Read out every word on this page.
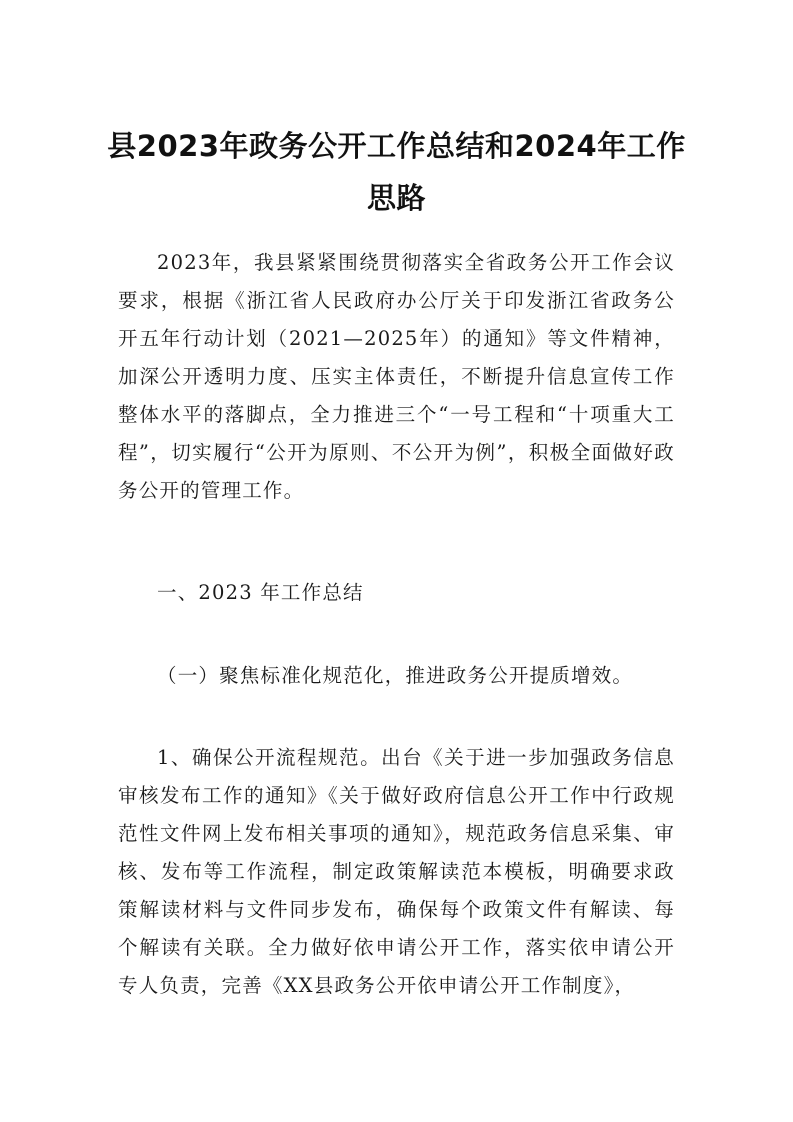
县2023年政务公开工作总结和2024年工作思路

2023年，我县紧紧围绕贯彻落实全省政务公开工作会议要求，根据《浙江省人民政府办公厅关于印发浙江省政务公开五年行动计划（2021—2025年）的通知》等文件精神，加深公开透明力度、压实主体责任，不断提升信息宣传工作整体水平的落脚点，全力推进三个“一号工程和“十项重大工程”，切实履行“公开为原则、不公开为例”，积极全面做好政务公开的管理工作。

一、2023 年工作总结

（一）聚焦标准化规范化，推进政务公开提质增效。

1、确保公开流程规范。出台《关于进一步加强政务信息审核发布工作的通知》《关于做好政府信息公开工作中行政规范性文件网上发布相关事项的通知》，规范政务信息采集、审核、发布等工作流程，制定政策解读范本模板，明确要求政策解读材料与文件同步发布，确保每个政策文件有解读、每个解读有关联。全力做好依申请公开工作，落实依申请公开专人负责，完善《XX县政务公开依申请公开工作制度》，
